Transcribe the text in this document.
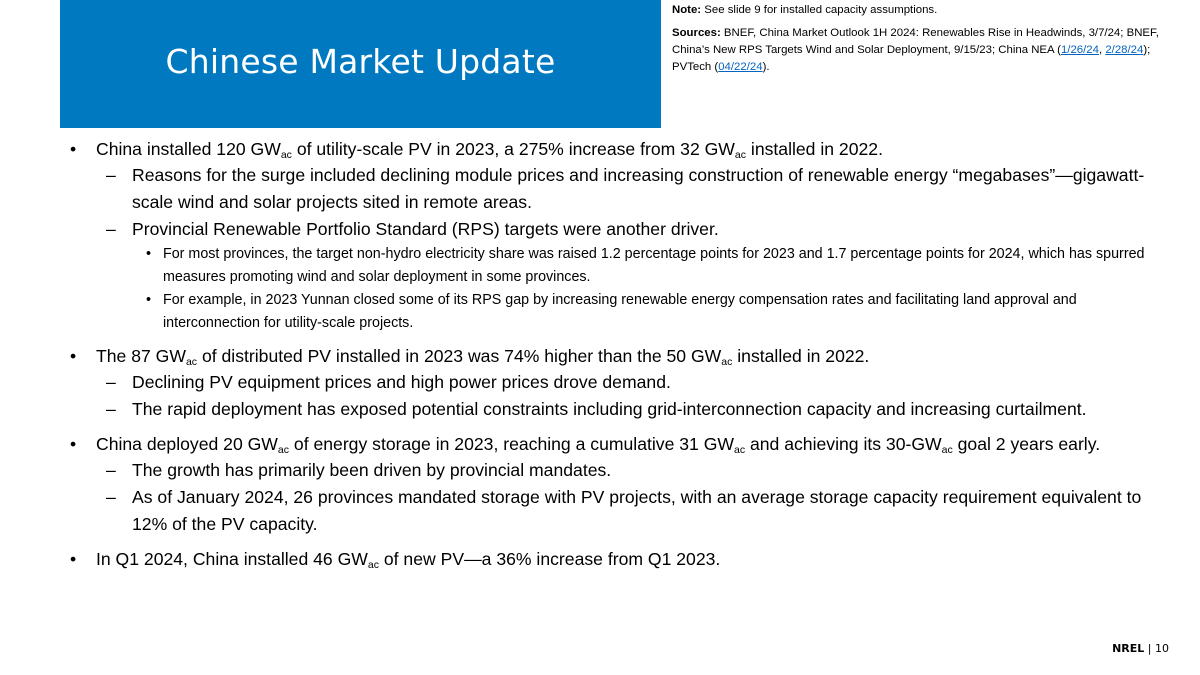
Chinese Market Update

Note: See slide 9 for installed capacity assumptions.

Sources: BNEF, China Market Outlook 1H 2024: Renewables Rise in Headwinds, 3/7/24; BNEF, China’s New RPS Targets Wind and Solar Deployment, 9/15/23; China NEA (1/26/24, 2/28/24); PVTech (04/22/24).

• China installed 120 $GW_{ac}$ of utility-scale PV in 2023, a 275% increase from 32 $GW_{ac}$ installed in 2022.
– Reasons for the surge included declining module prices and increasing construction of renewable energy “megabases”—gigawatt-scale wind and solar projects sited in remote areas.
– Provincial Renewable Portfolio Standard (RPS) targets were another driver.
• For most provinces, the target non-hydro electricity share was raised 1.2 percentage points for 2023 and 1.7 percentage points for 2024, which has spurred measures promoting wind and solar deployment in some provinces.
• For example, in 2023 Yunnan closed some of its RPS gap by increasing renewable energy compensation rates and facilitating land approval and interconnection for utility-scale projects.
• The 87 $GW_{ac}$ of distributed PV installed in 2023 was 74% higher than the 50 $GW_{ac}$ installed in 2022.
– Declining PV equipment prices and high power prices drove demand.
– The rapid deployment has exposed potential constraints including grid-interconnection capacity and increasing curtailment.
• China deployed 20 $GW_{ac}$ of energy storage in 2023, reaching a cumulative 31 $GW_{ac}$ and achieving its $30-GW_{ac}$ goal 2 years early.
– The growth has primarily been driven by provincial mandates.
– As of January 2024, 26 provinces mandated storage with PV projects, with an average storage capacity requirement equivalent to 12% of the PV capacity.
• In Q1 2024, China installed 46 $GW_{ac}$ of new PV—a 36% increase from Q1 2023.
NREL | 10
